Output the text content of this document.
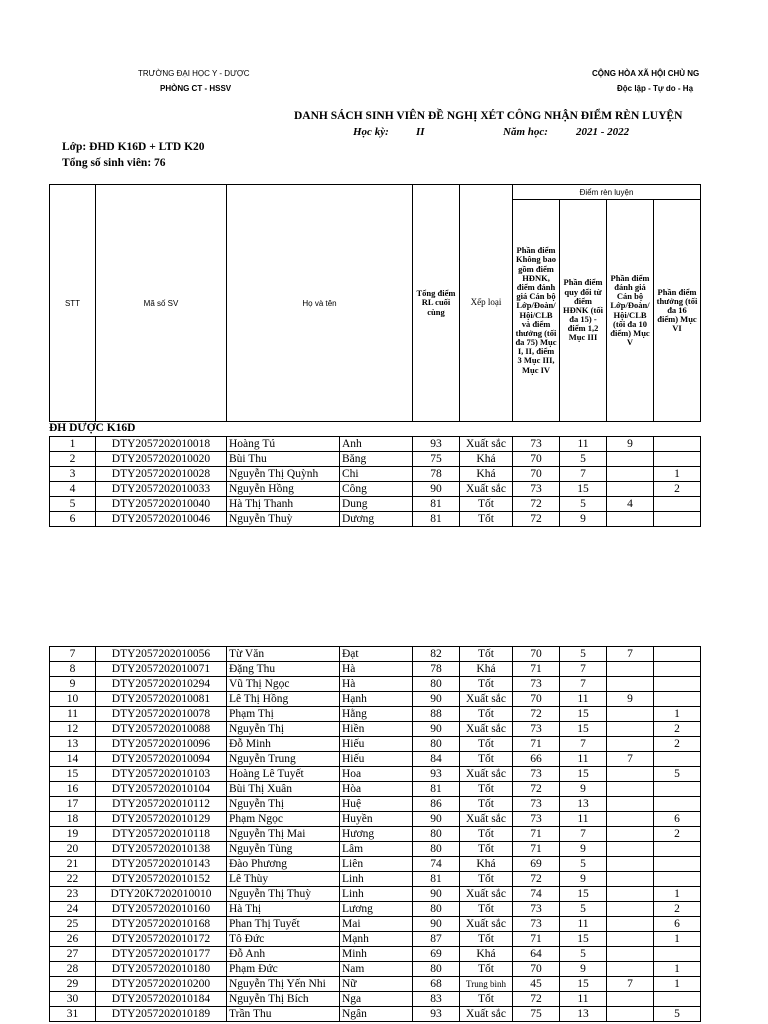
TRƯỜNG ĐẠI HỌC Y - DƯỢC
PHÒNG CT - HSSV
CỘNG HÒA XÃ HỘI CHỦ NG
Độc lập - Tự do - Hạ
DANH SÁCH SINH VIÊN ĐỀ NGHỊ XÉT CÔNG NHẬN ĐIỂM RÈN LUYỆN
Học kỳ: II	Năm học:	2021 - 2022
Lớp: ĐHD K16D + LTD K20
Tổng số sinh viên: 76
STT	Mã số SV	Họ và tên	Tổng điểm RL cuối cùng	Xếp loại	Điểm rèn luyện			
					Phần điểm Không bao gồm điểm HĐNK, điểm đánh giá Cán bộ Lớp/Đoàn/ Hội/CLB và điểm thưởng (tối đa 75) Mục I, II, điểm 3 Mục III, Mục IV	Phần điểm quy đổi từ điểm HĐNK (tối đa 15) - điểm 1,2 Mục III	Phần điểm đánh giá Cán bộ Lớp/Đoàn/ Hội/CLB (tối đa 10 điểm) Mục V	Phần điểm thưởng (tối đa 16 điểm) Mục VI
ĐH DƯỢC K16D
1	DTY2057202010018	Hoàng Tú	Anh	93	Xuất sắc	73	11	9	
2	DTY2057202010020	Bùi Thu	Băng	75	Khá	70	5		
3	DTY2057202010028	Nguyễn Thị Quỳnh	Chi	78	Khá	70	7		1
4	DTY2057202010033	Nguyễn Hồng	Công	90	Xuất sắc	73	15		2
5	DTY2057202010040	Hà Thị Thanh	Dung	81	Tốt	72	5	4	
6	DTY2057202010046	Nguyễn Thuỳ	Dương	81	Tốt	72	9		
7	DTY2057202010056	Từ Văn	Đạt	82	Tốt	70	5	7	
8	DTY2057202010071	Đặng Thu	Hà	78	Khá	71	7		
9	DTY2057202010294	Vũ Thị Ngọc	Hà	80	Tốt	73	7		
10	DTY2057202010081	Lê Thị Hồng	Hạnh	90	Xuất sắc	70	11	9	
11	DTY2057202010078	Phạm Thị	Hằng	88	Tốt	72	15		1
12	DTY2057202010088	Nguyễn Thị	Hiền	90	Xuất sắc	73	15		2
13	DTY2057202010096	Đỗ Minh	Hiếu	80	Tốt	71	7		2
14	DTY2057202010094	Nguyễn Trung	Hiếu	84	Tốt	66	11	7	
15	DTY2057202010103	Hoàng Lê Tuyết	Hoa	93	Xuất sắc	73	15		5
16	DTY2057202010104	Bùi Thị Xuân	Hòa	81	Tốt	72	9		
17	DTY2057202010112	Nguyễn Thị	Huệ	86	Tốt	73	13		
18	DTY2057202010129	Phạm Ngọc	Huyền	90	Xuất sắc	73	11		6
19	DTY2057202010118	Nguyễn Thị Mai	Hương	80	Tốt	71	7		2
20	DTY2057202010138	Nguyễn Tùng	Lâm	80	Tốt	71	9		
21	DTY2057202010143	Đào Phương	Liên	74	Khá	69	5		
22	DTY2057202010152	Lê Thùy	Linh	81	Tốt	72	9		
23	DTY20K7202010010	Nguyễn Thị Thuỳ	Linh	90	Xuất sắc	74	15		1
24	DTY2057202010160	Hà Thị	Lương	80	Tốt	73	5		2
25	DTY2057202010168	Phan Thị Tuyết	Mai	90	Xuất sắc	73	11		6
26	DTY2057202010172	Tô Đức	Mạnh	87	Tốt	71	15		1
27	DTY2057202010177	Đỗ Anh	Minh	69	Khá	64	5		
28	DTY2057202010180	Phạm Đức	Nam	80	Tốt	70	9		1
29	DTY2057202010200	Nguyễn Thị Yến Nhi	Nữ	68	Trung bình	45	15	7	1
30	DTY2057202010184	Nguyễn Thị Bích	Nga	83	Tốt	72	11		
31	DTY2057202010189	Trần Thu	Ngân	93	Xuất sắc	75	13		5
